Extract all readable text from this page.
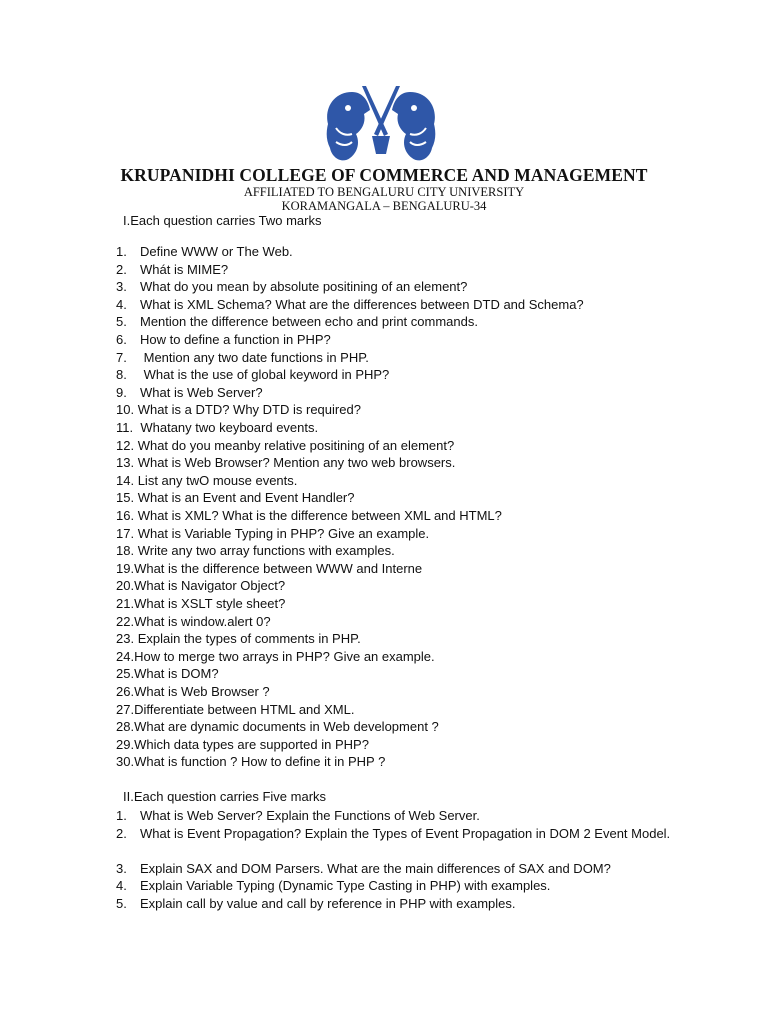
KRUPANIDHI COLLEGE OF COMMERCE AND MANAGEMENT
AFFILIATED TO BENGALURU CITY UNIVERSITY
KORAMANGALA – BENGALURU-34
I.Each question carries Two marks
1. Define WWW or The Web.
2. Whát is MIME?
3. What do you mean by absolute positining of an element?
4. What is XML Schema? What are the differences between DTD and Schema?
5. Mention the difference between echo and print commands.
6. How to define a function in PHP?
7. Mention any two date functions in PHP.
8. What is the use of global keyword in PHP?
9. What is Web Server?
10. What is a DTD? Why DTD is required?
11.  Whatany two keyboard events.
12. What do you meanby relative positining of an element?
13. What is Web Browser? Mention any two web browsers.
14. List any twO mouse events.
15. What is an Event and Event Handler?
16. What is XML? What is the difference between XML and HTML?
17. What is Variable Typing in PHP? Give an example.
18. Write any two array functions with examples.
19.What is the difference between WWW and Interne
20.What is Navigator Object?
21.What is XSLT style sheet?
22.What is window.alert 0?
23. Explain the types of comments in PHP.
24.How to merge two arrays in PHP? Give an example.
25.What is DOM?
26.What is Web Browser ?
27.Differentiate between HTML and XML.
28.What are dynamic documents in Web development ?
29.Which data types are supported in PHP?
30.What is function ? How to define it in PHP ?
II.Each question carries Five marks
1. What is Web Server? Explain the Functions of Web Server.
2. What is Event Propagation? Explain the Types of Event Propagation in DOM 2 Event Model.
3. Explain SAX and DOM Parsers. What are the main differences of SAX and DOM?
4. Explain Variable Typing (Dynamic Type Casting in PHP) with examples.
5. Explain call by value and call by reference in PHP with examples.
